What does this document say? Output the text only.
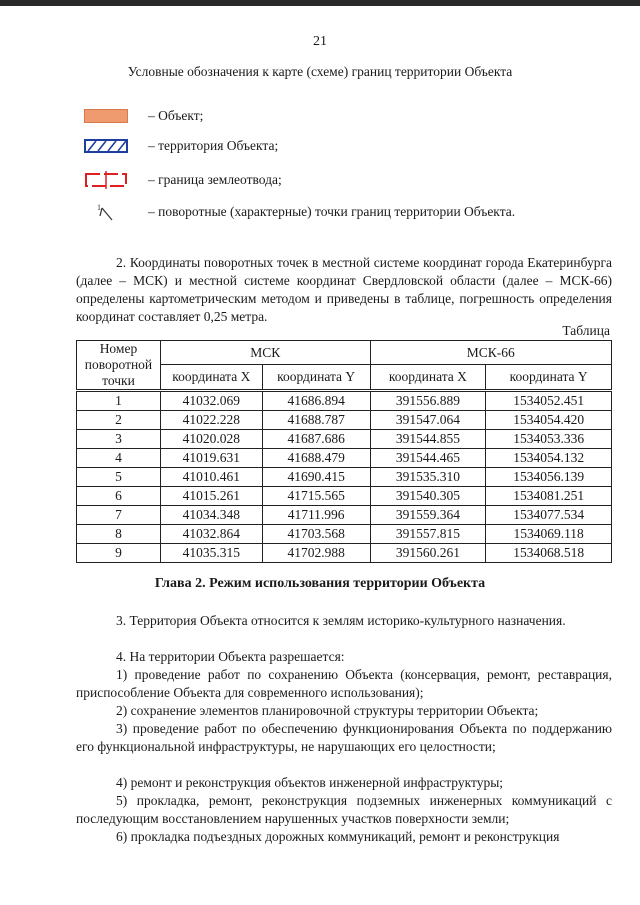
21
Условные обозначения к карте (схеме) границ территории Объекта
– Объект;
– территория Объекта;
– граница землеотвода;
1	– поворотные (характерные) точки границ территории Объекта.
2. Координаты поворотных точек в местной системе координат города Екатеринбурга (далее – МСК) и местной системе координат Свердловской области (далее – МСК-66) определены картометрическим методом и приведены в таблице, погрешность определения координат составляет 0,25 метра.
Таблица
Номер поворотной точки	МСК		МСК-66	
	координата X	координата Y	координата X	координата Y
1	41032.069	41686.894	391556.889	1534052.451
2	41022.228	41688.787	391547.064	1534054.420
3	41020.028	41687.686	391544.855	1534053.336
4	41019.631	41688.479	391544.465	1534054.132
5	41010.461	41690.415	391535.310	1534056.139
6	41015.261	41715.565	391540.305	1534081.251
7	41034.348	41711.996	391559.364	1534077.534
8	41032.864	41703.568	391557.815	1534069.118
9	41035.315	41702.988	391560.261	1534068.518
Глава 2. Режим использования территории Объекта
3. Территория Объекта относится к землям историко-культурного назначения.
4. На территории Объекта разрешается:
1) проведение работ по сохранению Объекта (консервация, ремонт, реставрация, приспособление Объекта для современного использования);
2) сохранение элементов планировочной структуры территории Объекта;
3) проведение работ по обеспечению функционирования Объекта по поддержанию его функциональной инфраструктуры, не нарушающих его целостности;
4) ремонт и реконструкция объектов инженерной инфраструктуры;
5) прокладка, ремонт, реконструкция подземных инженерных коммуникаций с последующим восстановлением нарушенных участков поверхности земли;
6) прокладка подъездных дорожных коммуникаций, ремонт и реконструкция
